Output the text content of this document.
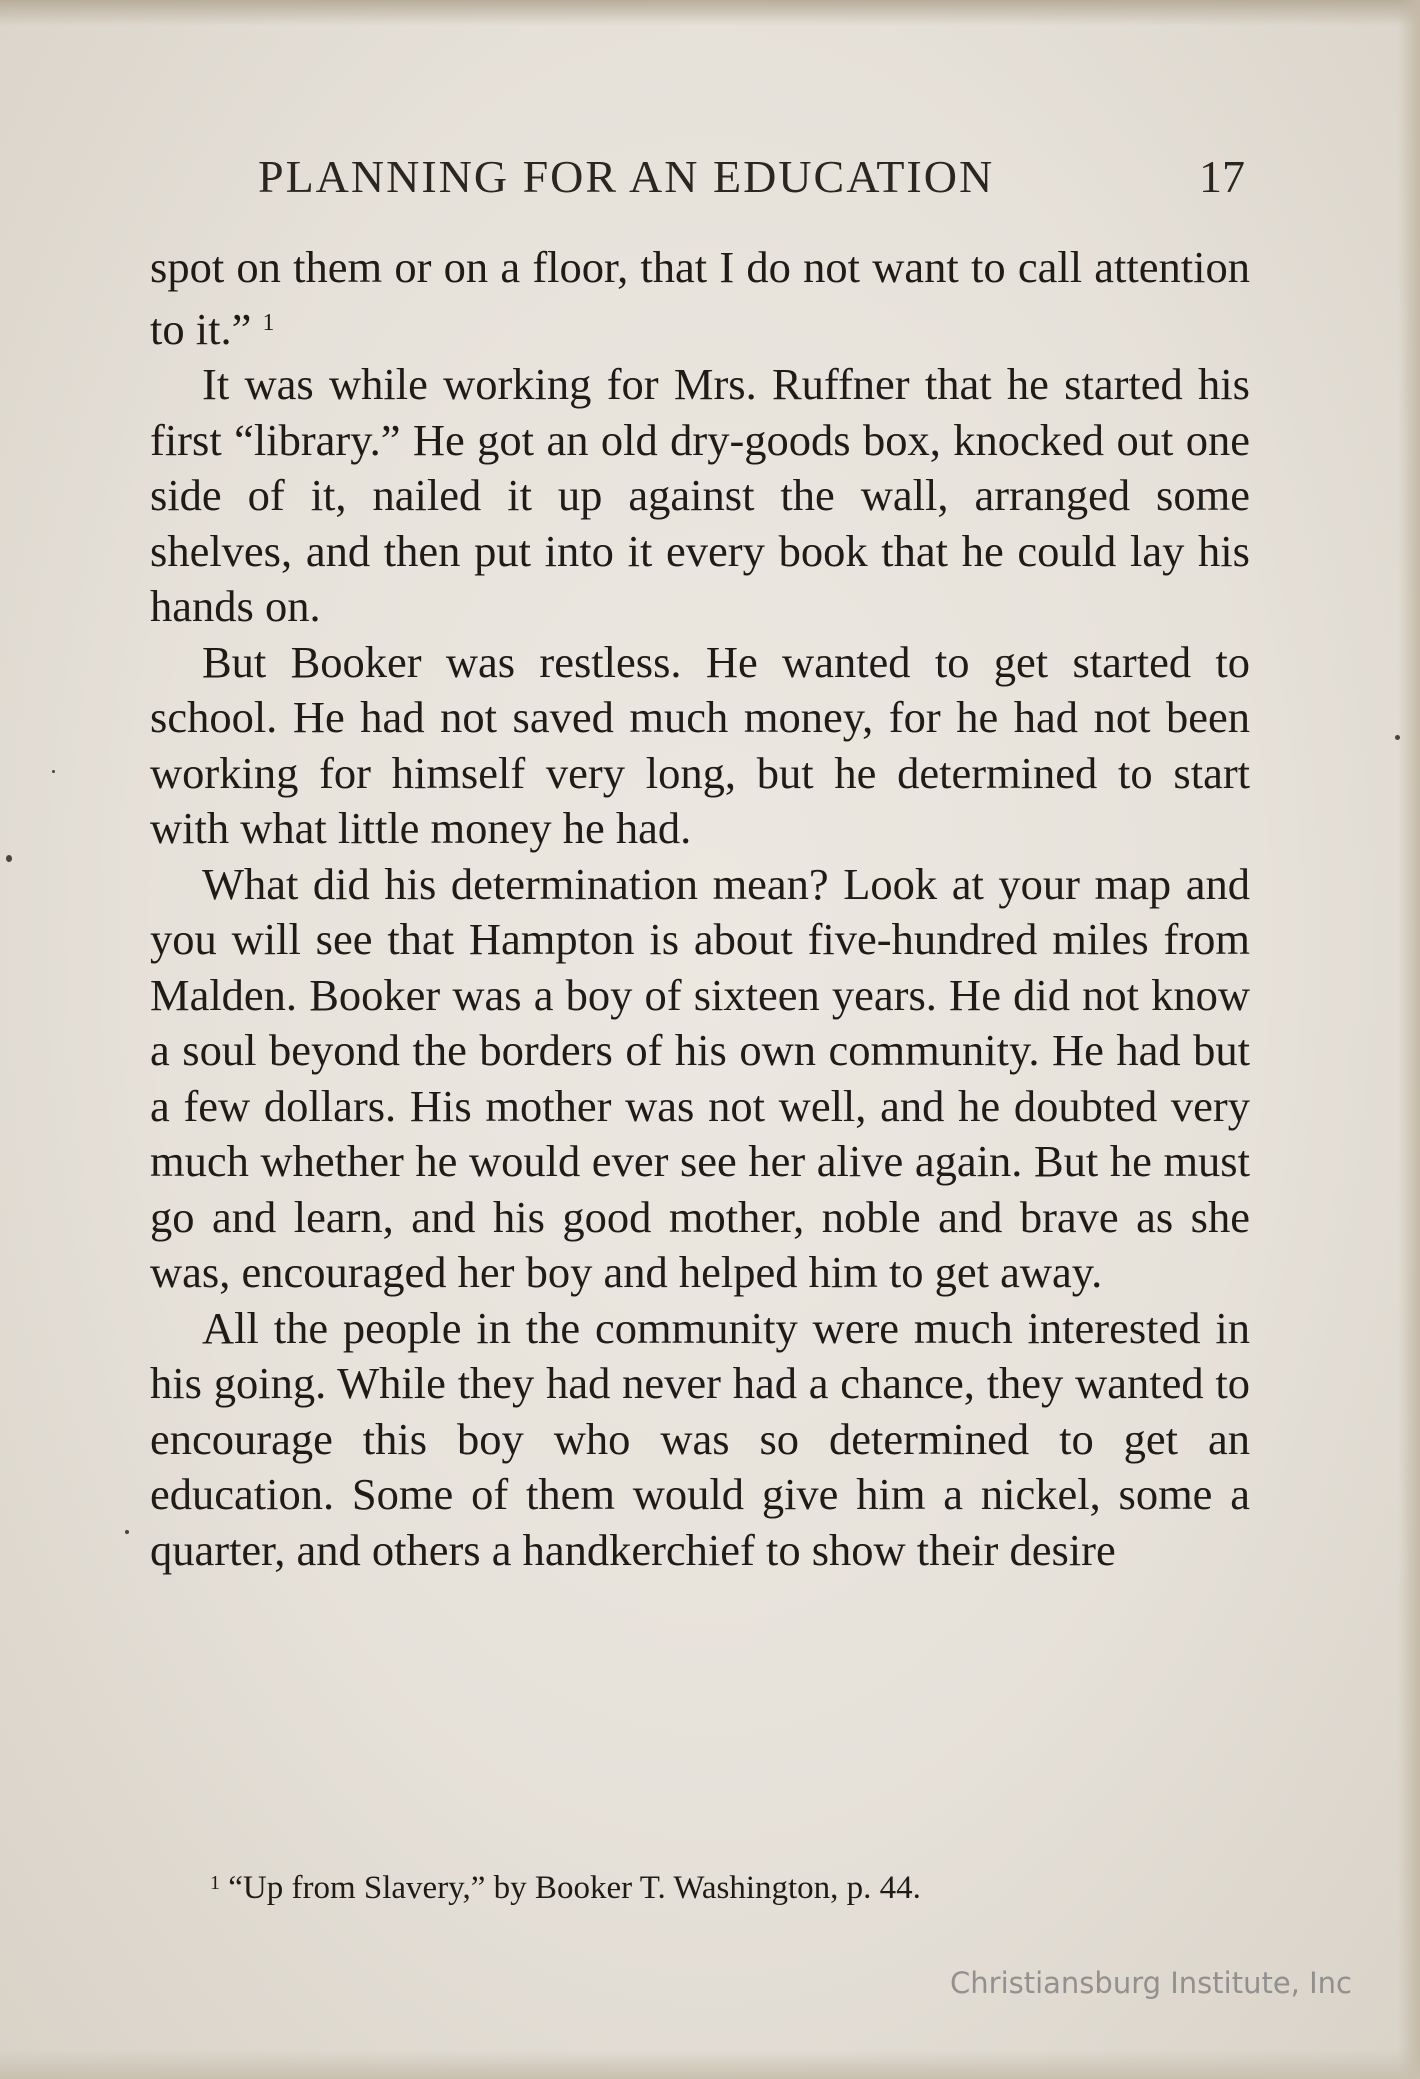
PLANNING FOR AN EDUCATION	17

spot on them or on a floor, that I do not want to call attention to it.” $^1$

It was while working for Mrs. Ruffner that he started his first “library.” He got an old dry-goods box, knocked out one side of it, nailed it up against the wall, arranged some shelves, and then put into it every book that he could lay his hands on.

But Booker was restless. He wanted to get started to school. He had not saved much money, for he had not been working for himself very long, but he determined to start with what little money he had.

What did his determination mean? Look at your map and you will see that Hampton is about five-hundred miles from Malden. Booker was a boy of sixteen years. He did not know a soul beyond the borders of his own community. He had but a few dollars. His mother was not well, and he doubted very much whether he would ever see her alive again. But he must go and learn, and his good mother, noble and brave as she was, encouraged her boy and helped him to get away.

All the people in the community were much interested in his going. While they had never had a chance, they wanted to encourage this boy who was so determined to get an education. Some of them would give him a nickel, some a quarter, and others a handkerchief to show their desire

$^1$ “Up from Slavery,” by Booker T. Washington, p. 44.
Christiansburg Institute, Inc
